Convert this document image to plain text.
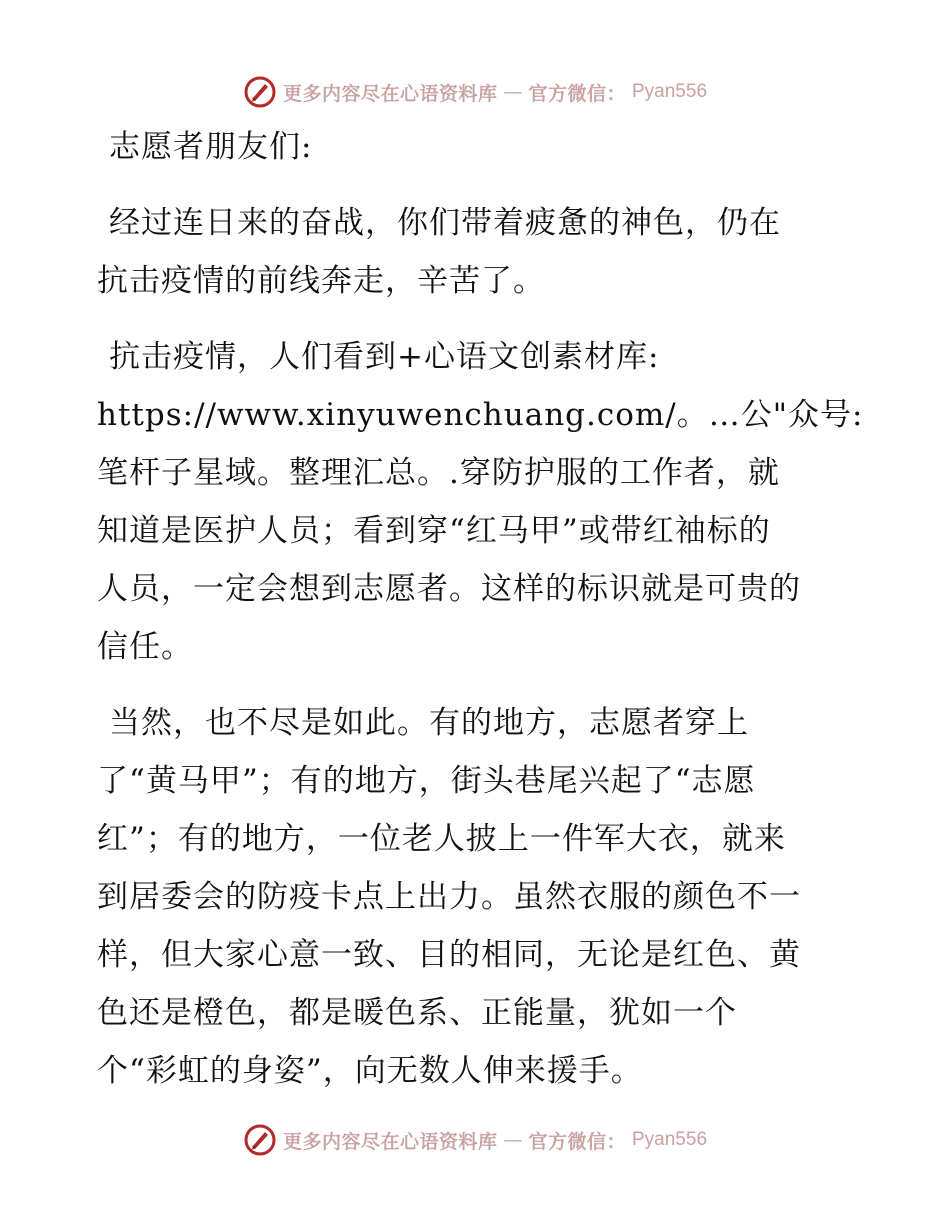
更多内容尽在心语资料库 — 官方微信： Pyan556

志愿者朋友们:

经过连日来的奋战，你们带着疲惫的神色，仍在
抗击疫情的前线奔走，辛苦了。

抗击疫情，人们看到+心语文创素材库:
https://www.xinyuwenchuang.com/。…公"众号:
笔杆子星域。整理汇总。.穿防护服的工作者，就
知道是医护人员；看到穿“红马甲”或带红袖标的
人员，一定会想到志愿者。这样的标识就是可贵的
信任。

当然，也不尽是如此。有的地方，志愿者穿上
了“黄马甲”；有的地方，街头巷尾兴起了“志愿
红”；有的地方，一位老人披上一件军大衣，就来
到居委会的防疫卡点上出力。虽然衣服的颜色不一
样，但大家心意一致、目的相同，无论是红色、黄
色还是橙色，都是暖色系、正能量，犹如一个
个“彩虹的身姿”，向无数人伸来援手。

更多内容尽在心语资料库 — 官方微信： Pyan556
